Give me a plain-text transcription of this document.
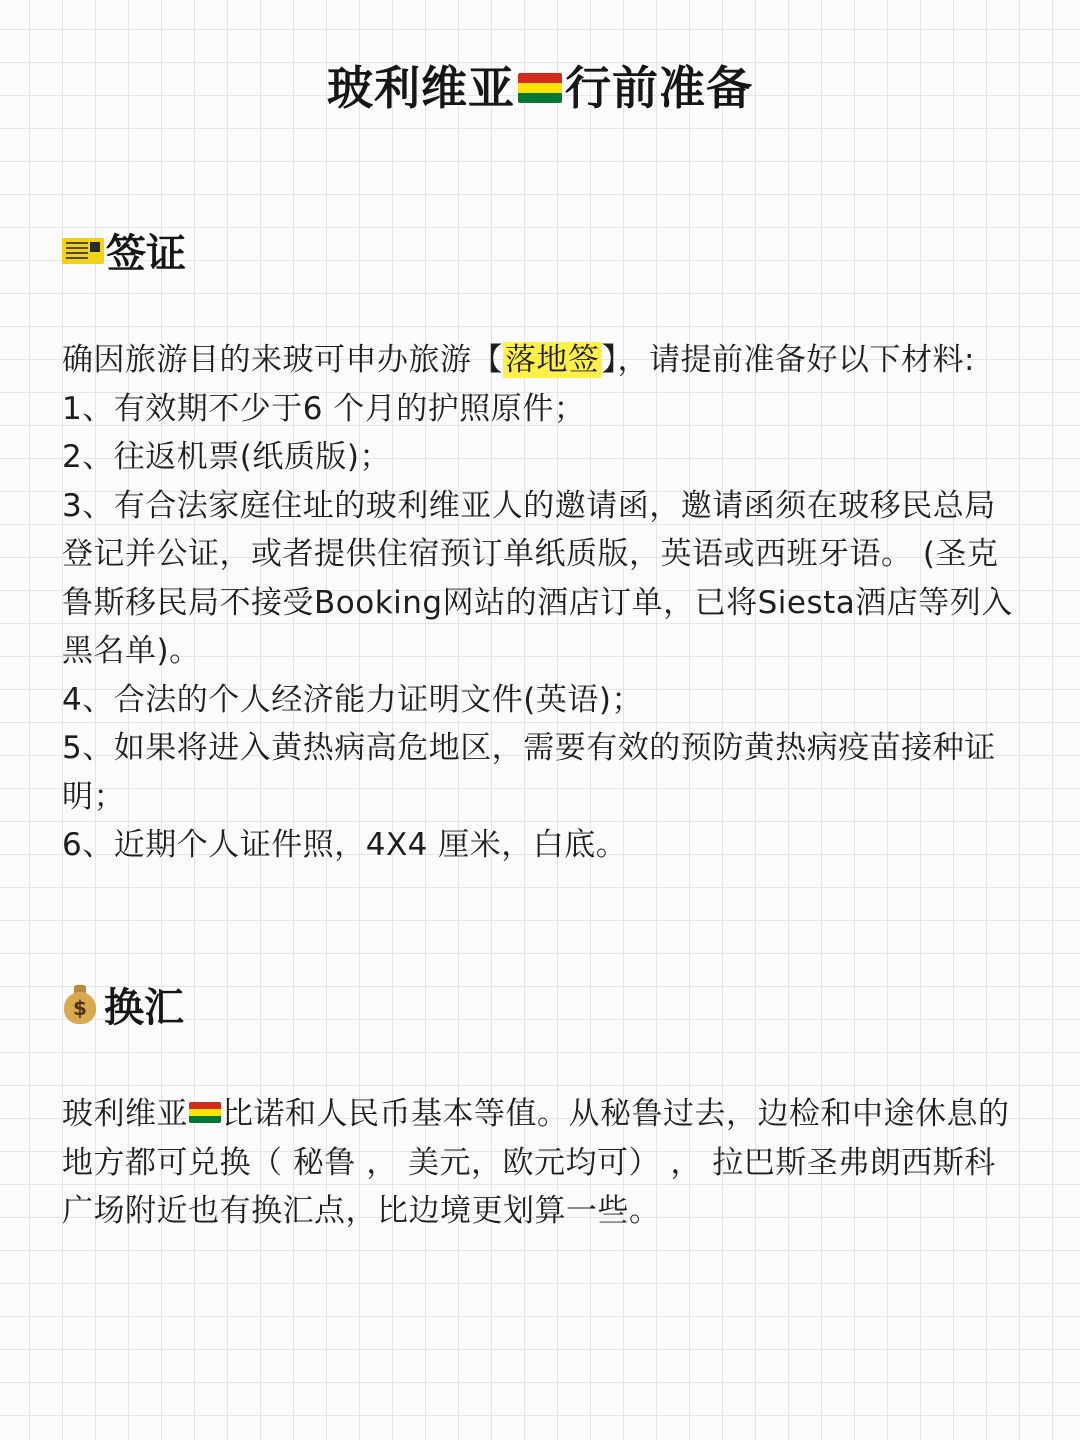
玻利维亚 行前准备
签证

确因旅游目的来玻可申办旅游【落地签】，请提前准备好以下材料:

1、有效期不少于6 个月的护照原件；

2、往返机票(纸质版)；

3、有合法家庭住址的玻利维亚人的邀请函，邀请函须在玻移民总局登记并公证，或者提供住宿预订单纸质版，英语或西班牙语。 (圣克鲁斯移民局不接受Booking网站的酒店订单，已将Siesta酒店等列入黑名单)。

4、合法的个人经济能力证明文件(英语)；

5、如果将进入黄热病高危地区，需要有效的预防黄热病疫苗接种证明；

6、近期个人证件照，4X4 厘米，白底。

$ 换汇

玻利维亚 比诺和人民币基本等值。从秘鲁过去，边检和中途休息的地方都可兑换（ 秘鲁 ， 美元，欧元均可） ， 拉巴斯圣弗朗西斯科广场附近也有换汇点，比边境更划算一些。
